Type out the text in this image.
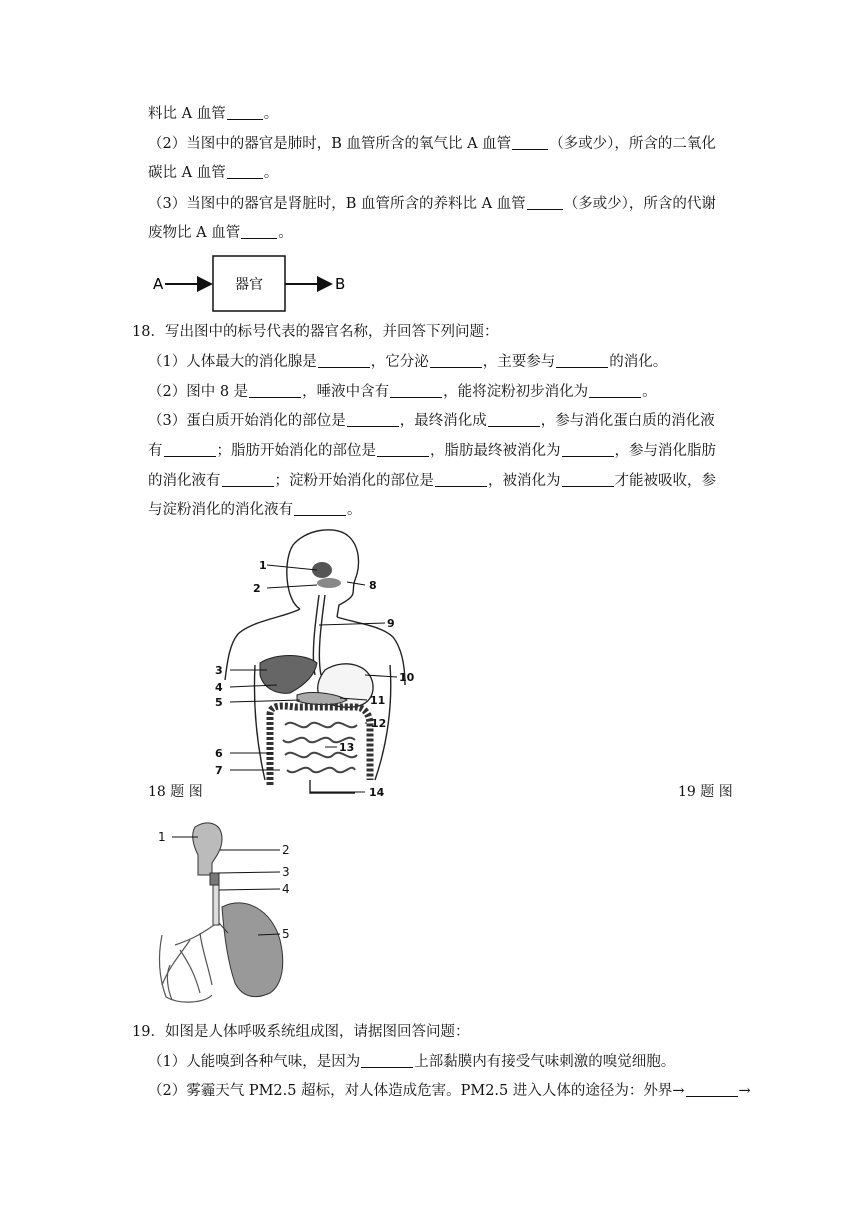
料比 A 血管	。
（2）当图中的器官是肺时，B 血管所含的氧气比 A 血管	（多或少），所含的二氧化
碳比 A 血管	。
（3）当图中的器官是肾脏时，B 血管所含的养料比 A 血管	（多或少），所含的代谢
废物比 A 血管	。
A	器官	B
18．写出图中的标号代表的器官名称，并回答下列问题：
（1）人体最大的消化腺是	，它分泌	，主要参与	的消化。
（2）图中 8 是	，唾液中含有	，能将淀粉初步消化为	。
（3）蛋白质开始消化的部位是	，最终消化成	，参与消化蛋白质的消化液
有	；脂肪开始消化的部位是	，脂肪最终被消化为	，参与消化脂肪
的消化液有	；淀粉开始消化的部位是	，被消化为	才能被吸收，参
与淀粉消化的消化液有	。
1
2
3
4
5
6
7
8
9
10
11
12
13
14
18 题 图	19 题 图
1
2
3
4
5
19．如图是人体呼吸系统组成图，请据图回答问题：
（1）人能嗅到各种气味，是因为	上部黏膜内有接受气味刺激的嗅觉细胞。
（2）雾霾天气 PM2.5 超标，对人体造成危害。PM2.5 进入人体的途径为：外界→	→
